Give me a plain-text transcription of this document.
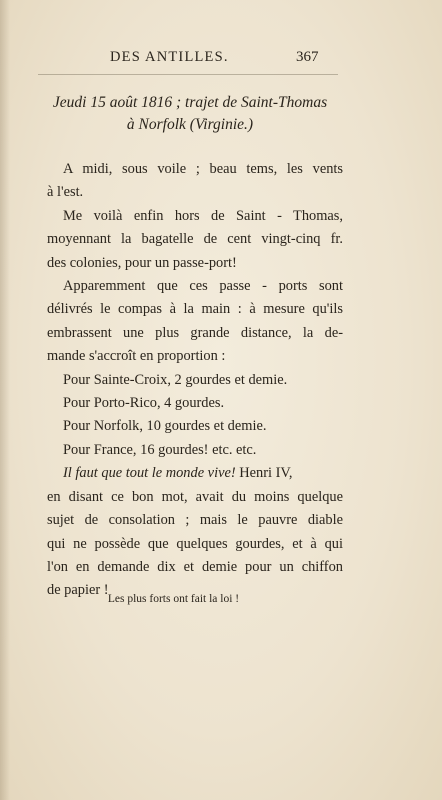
DES ANTILLES.	367
Jeudi 15 août 1816 ; trajet de Saint-Thomas
à Norfolk (Virginie.)
A midi, sous voile ; beau tems, les vents
à l'est.
Me voilà enfin hors de Saint - Thomas,
moyennant la bagatelle de cent vingt-cinq fr.
des colonies, pour un passe-port!
Apparemment que ces passe - ports sont
délivrés le compas à la main : à mesure qu'ils
embrassent une plus grande distance, la de-
mande s'accroît en proportion :
Pour Sainte-Croix, 2 gourdes et demie.
Pour Porto-Rico, 4 gourdes.
Pour Norfolk, 10 gourdes et demie.
Pour France, 16 gourdes! etc. etc.
Il faut que tout le monde vive! Henri IV,
en disant ce bon mot, avait du moins quelque
sujet de consolation ; mais le pauvre diable
qui ne possède que quelques gourdes, et à qui
l'on en demande dix et demie pour un chiffon
de papier !
Les plus forts ont fait la loi !
